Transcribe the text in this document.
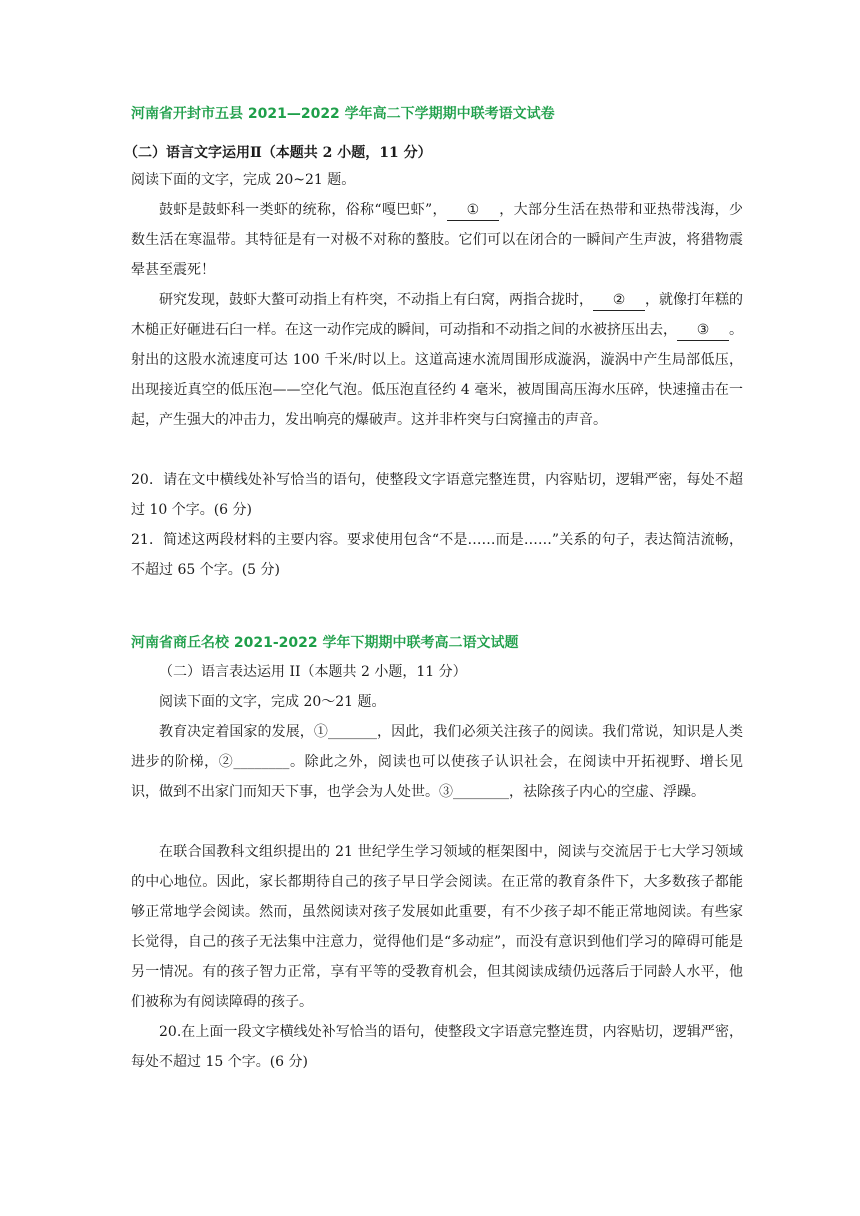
河南省开封市五县 2021—2022 学年高二下学期期中联考语文试卷
（二）语言文字运用Ⅱ（本题共 2 小题，11 分）
阅读下面的文字，完成 20~21 题。
鼓虾是鼓虾科一类虾的统称，俗称“嘎巴虾”， ① ，大部分生活在热带和亚热带浅海，少数生活在寒温带。其特征是有一对极不对称的螯肢。它们可以在闭合的一瞬间产生声波，将猎物震晕甚至震死！
研究发现，鼓虾大螯可动指上有杵突，不动指上有臼窝，两指合拢时， ② ，就像打年糕的木槌正好砸进石臼一样。在这一动作完成的瞬间，可动指和不动指之间的水被挤压出去， ③ 。射出的这股水流速度可达 100 千米/时以上。这道高速水流周围形成漩涡，漩涡中产生局部低压，出现接近真空的低压泡——空化气泡。低压泡直径约 4 毫米，被周围高压海水压碎，快速撞击在一起，产生强大的冲击力，发出响亮的爆破声。这并非杵突与臼窝撞击的声音。
20．请在文中横线处补写恰当的语句，使整段文字语意完整连贯，内容贴切，逻辑严密，每处不超过 10 个字。(6 分)
21．简述这两段材料的主要内容。要求使用包含“不是……而是……”关系的句子，表达简洁流畅，不超过 65 个字。(5 分)
河南省商丘名校 2021-2022 学年下期期中联考高二语文试题
（二）语言表达运用 II（本题共 2 小题，11 分）
阅读下面的文字，完成 20～21 题。
教育决定着国家的发展，①_______，因此，我们必须关注孩子的阅读。我们常说，知识是人类进步的阶梯，②________。除此之外，阅读也可以使孩子认识社会，在阅读中开拓视野、增长见识，做到不出家门而知天下事，也学会为人处世。③________，祛除孩子内心的空虚、浮躁。
在联合国教科文组织提出的 21 世纪学生学习领域的框架图中，阅读与交流居于七大学习领域的中心地位。因此，家长都期待自己的孩子早日学会阅读。在正常的教育条件下，大多数孩子都能够正常地学会阅读。然而，虽然阅读对孩子发展如此重要，有不少孩子却不能正常地阅读。有些家长觉得，自己的孩子无法集中注意力，觉得他们是“多动症”，而没有意识到他们学习的障碍可能是另一情况。有的孩子智力正常，享有平等的受教育机会，但其阅读成绩仍远落后于同龄人水平，他们被称为有阅读障碍的孩子。
20.在上面一段文字横线处补写恰当的语句，使整段文字语意完整连贯，内容贴切，逻辑严密，每处不超过 15 个字。(6 分)
